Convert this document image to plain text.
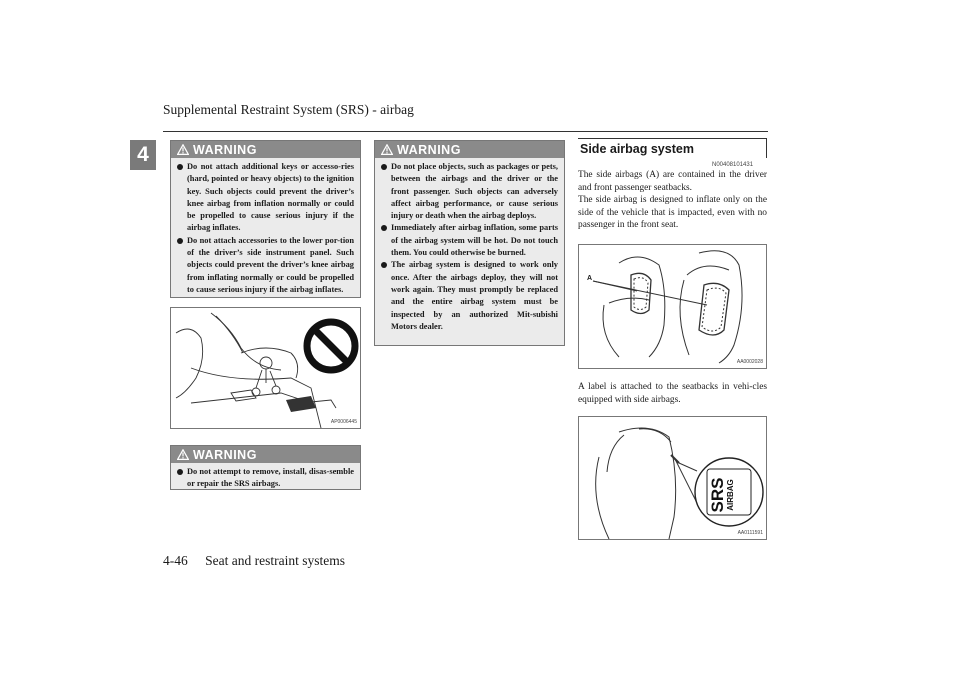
Supplemental Restraint System (SRS) - airbag
4	WARNING
Do not attach additional keys or accesso-ries (hard, pointed or heavy objects) to the ignition key. Such objects could prevent the driver’s knee airbag from inflation normally or could be propelled to cause serious injury if the airbag inflates.
Do not attach accessories to the lower por-tion of the driver’s side instrument panel. Such objects could prevent the driver’s knee airbag from inflating normally or could be propelled to cause serious injury if the airbag inflates.
AP0006445
WARNING
Do not attempt to remove, install, disas-semble or repair the SRS airbags.
WARNING
Do not place objects, such as packages or pets, between the airbags and the driver or the front passenger. Such objects can adversely affect airbag performance, or cause serious injury or death when the airbag deploys.
Immediately after airbag inflation, some parts of the airbag system will be hot. Do not touch them. You could otherwise be burned.
The airbag system is designed to work only once. After the airbags deploy, they will not work again. They must promptly be replaced and the entire airbag system must be inspected by an authorized Mit-subishi Motors dealer.
Side airbag system
N00408101431
The side airbags (A) are contained in the driver and front passenger seatbacks.
The side airbag is designed to inflate only on the side of the vehicle that is impacted, even with no passenger in the front seat.
A
AA0002028
A label is attached to the seatbacks in vehi-cles equipped with side airbags.
SRS AIRBAG
AA0111591
4-46 Seat and restraint systems
